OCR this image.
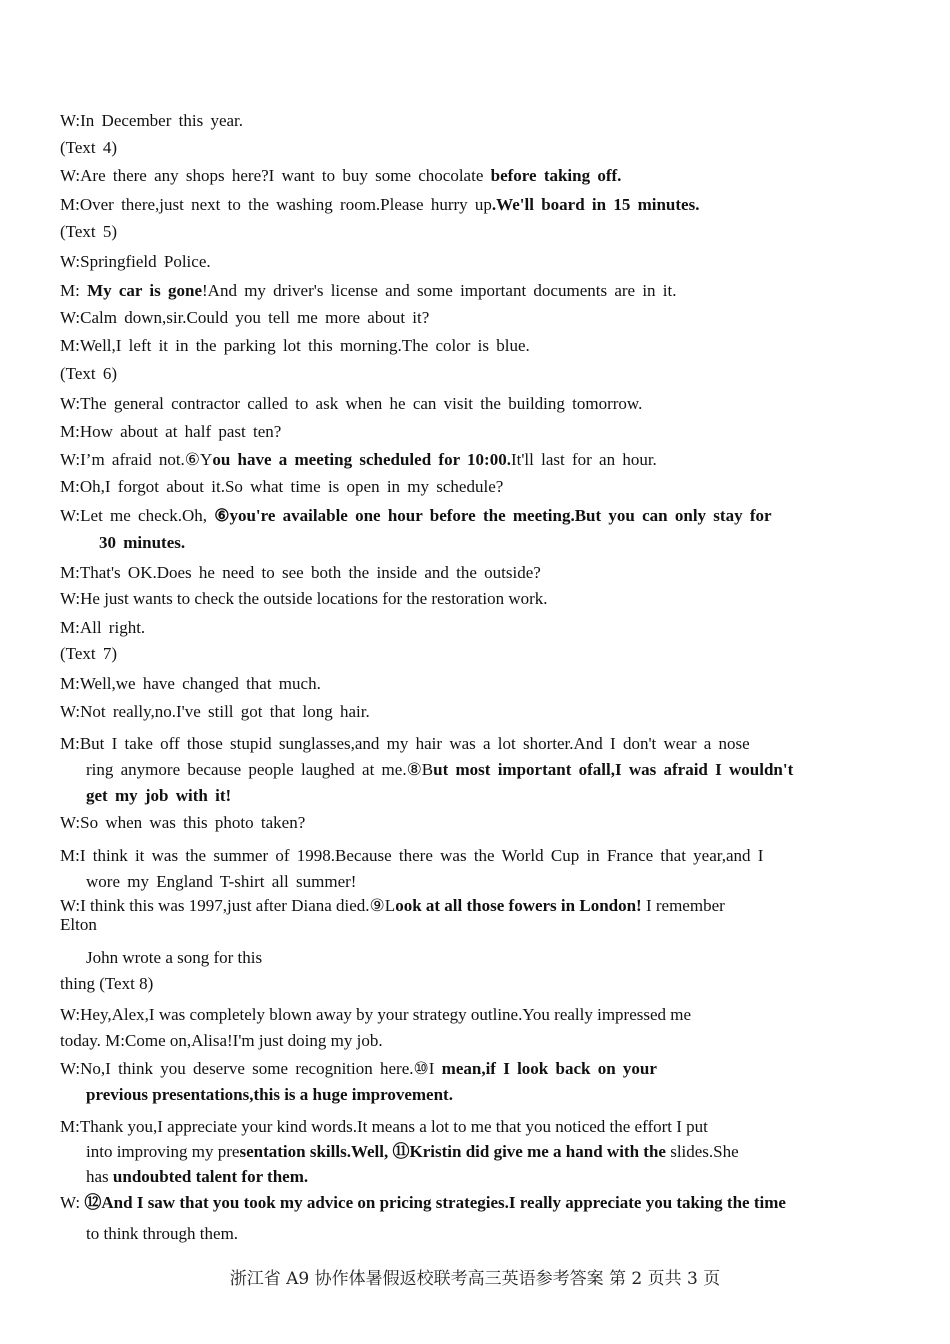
W:In December this year.
(Text 4)
W:Are there any shops here?I want to buy some chocolate before taking off.
M:Over there,just next to the washing room.Please hurry up.We'll board in 15 minutes.
(Text 5)
W:Springfield Police.
M: My car is gone!And my driver's license and some important documents are in it.
W:Calm down,sir.Could you tell me more about it?
M:Well,I left it in the parking lot this morning.The color is blue.
(Text 6)
W:The general contractor called to ask when he can visit the building tomorrow.
M:How about at half past ten?
W:I’m afraid not.⑥You have a meeting scheduled for 10:00.It'll last for an hour.
M:Oh,I forgot about it.So what time is open in my schedule?
W:Let me check.Oh, ⑥you're available one hour before the meeting.But you can only stay for
30 minutes.
M:That's OK.Does he need to see both the inside and the outside?
W:He just wants to check the outside locations for the restoration work.
M:All right.
(Text 7)
M:Well,we have changed that much.
W:Not really,no.I've still got that long hair.
M:But I take off those stupid sunglasses,and my hair was a lot shorter.And I don't wear a nose
ring anymore because people laughed at me.⑧But most important ofall,I was afraid I wouldn't
get my job with it!
W:So when was this photo taken?
M:I think it was the summer of 1998.Because there was the World Cup in France that year,and I
wore my England T-shirt all summer!
W:I think this was 1997,just after Diana died.⑨Look at all those fowers in London! I remember
Elton
John wrote a song for this
thing (Text 8)
W:Hey,Alex,I was completely blown away by your strategy outline.You really impressed me
today. M:Come on,Alisa!I'm just doing my job.
W:No,I think you deserve some recognition here.⑩I mean,if I look back on your
previous presentations,this is a huge improvement.
M:Thank you,I appreciate your kind words.It means a lot to me that you noticed the effort I put
into improving my presentation skills.Well, ⑪Kristin did give me a hand with the slides.She
has undoubted talent for them.
W: ⑫And I saw that you took my advice on pricing strategies.I really appreciate you taking the time
to think through them.
浙江省 A9 协作体暑假返校联考高三英语参考答案 第 2 页共 3 页
